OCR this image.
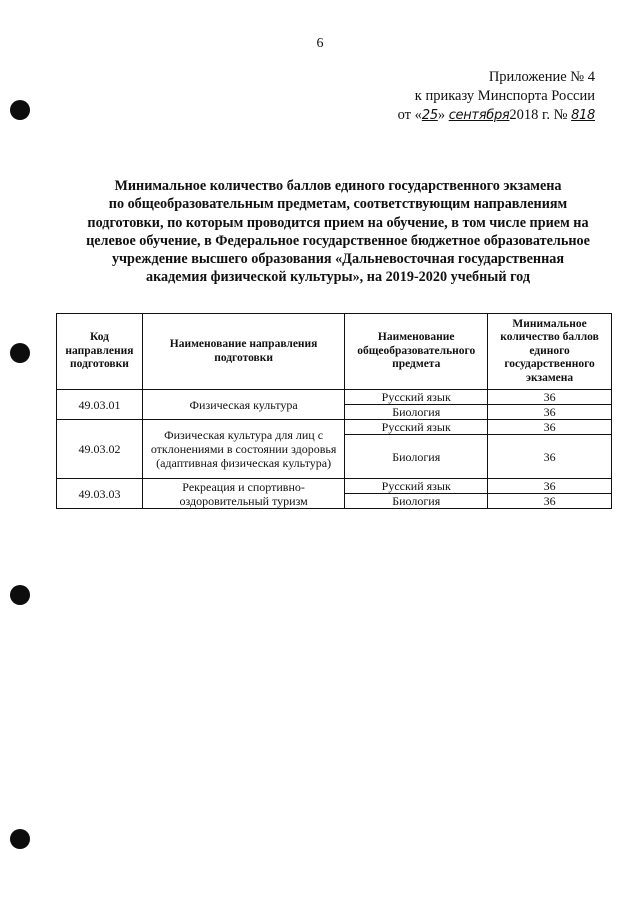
6
Приложение № 4
к приказу Минспорта России
от «25» сентября2018 г. № 818
Минимальное количество баллов единого государственного экзамена
по общеобразовательным предметам, соответствующим направлениям
подготовки, по которым проводится прием на обучение, в том числе прием на
целевое обучение, в Федеральное государственное бюджетное образовательное
учреждение высшего образования «Дальневосточная государственная
академия физической культуры», на 2019-2020 учебный год
Код направления подготовки	Наименование направления подготовки	Наименование общеобразовательного предмета	Минимальное количество баллов единого государственного экзамена
49.03.01	Физическая культура	Русский язык	36
		Биология	36
49.03.02	Физическая культура для лиц с отклонениями в состоянии здоровья (адаптивная физическая культура)	Русский язык	36
		Биология	36
49.03.03	Рекреация и спортивно-оздоровительный туризм	Русский язык	36
		Биология	36
